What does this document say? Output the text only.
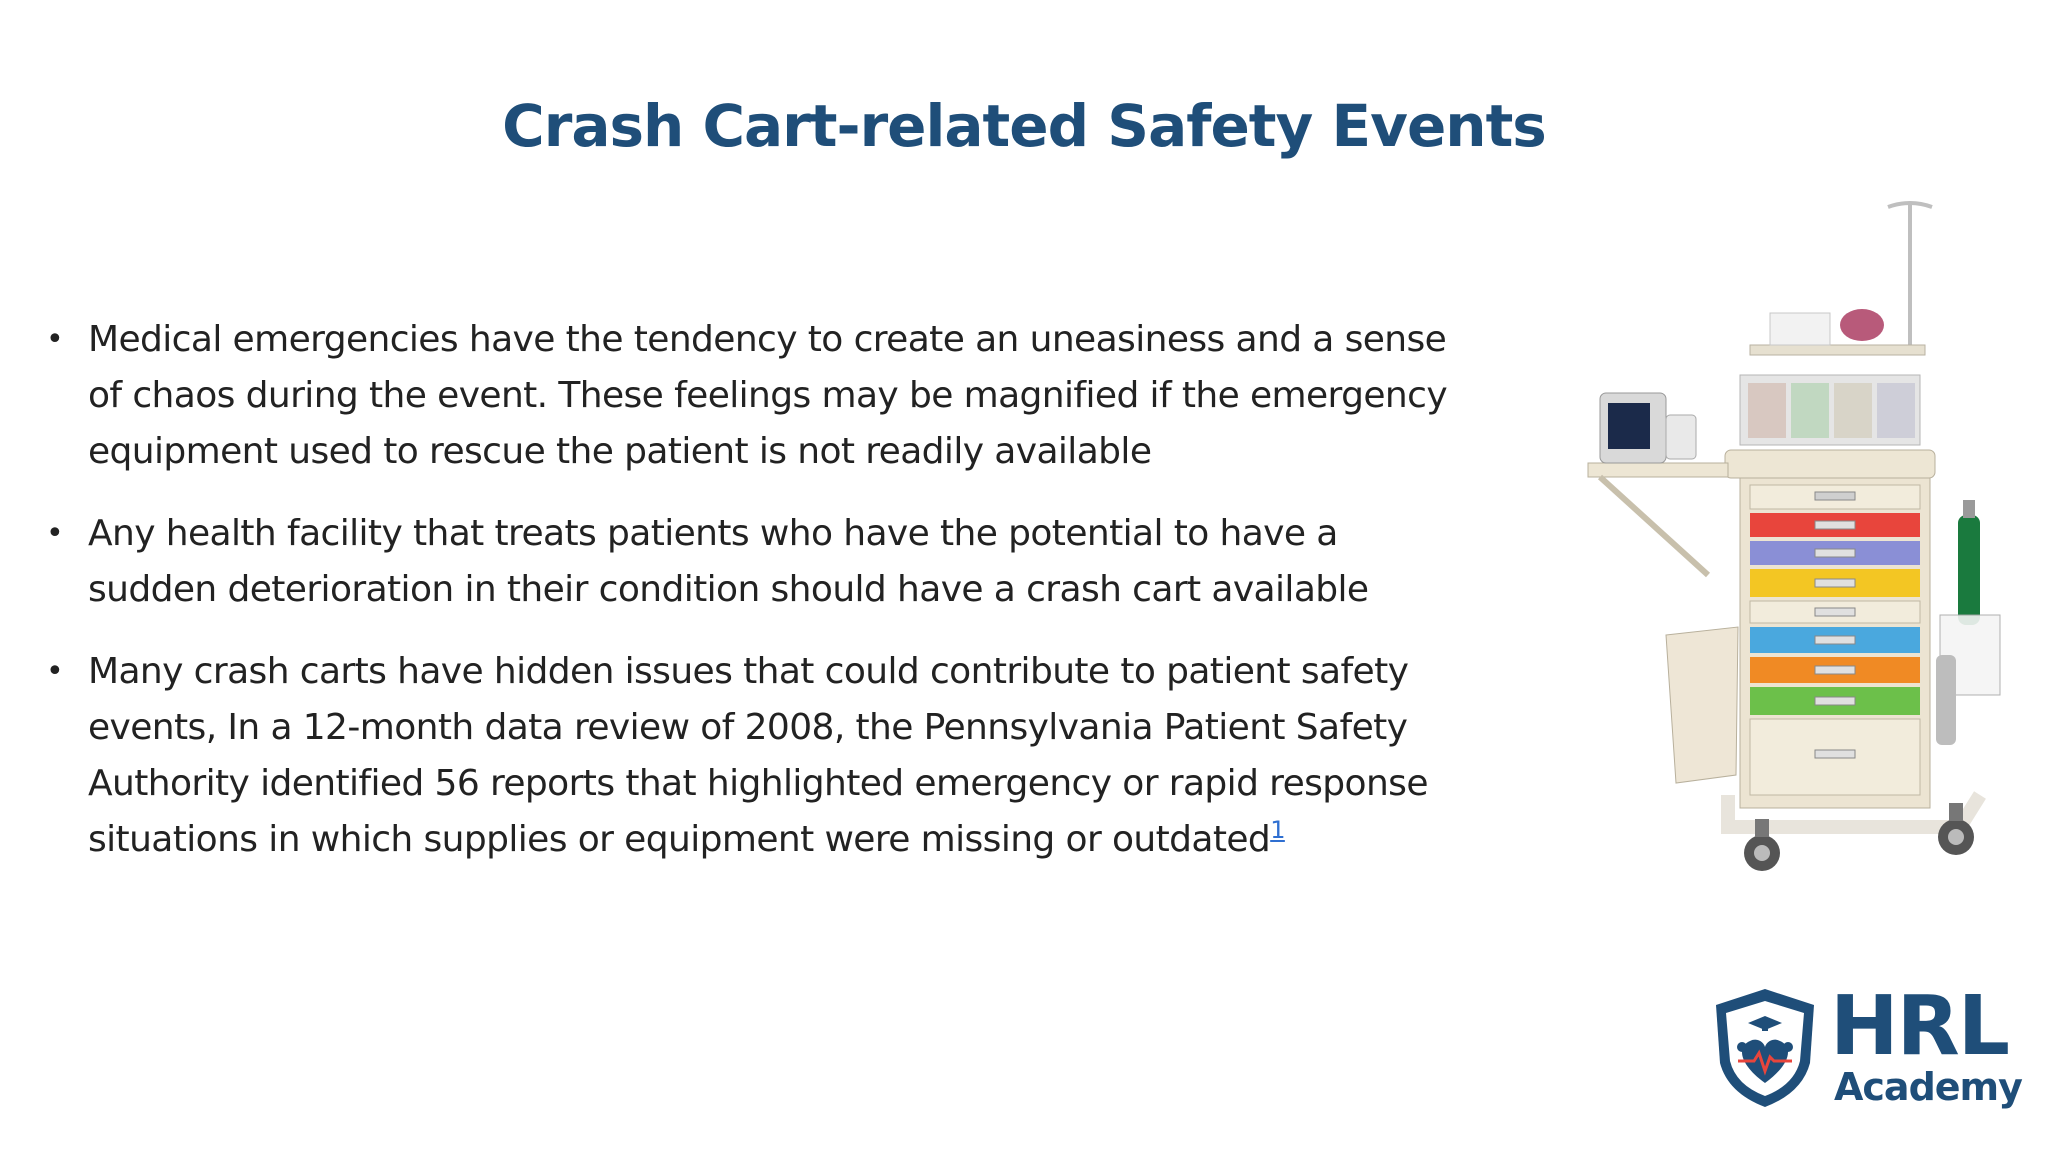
Crash Cart-related Safety Events
• Medical emergencies have the tendency to create an uneasiness and a sense of chaos during the event. These feelings may be magnified if the emergency equipment used to rescue the patient is not readily available
• Any health facility that treats patients who have the potential to have a sudden deterioration in their condition should have a crash cart available
• Many crash carts have hidden issues that could contribute to patient safety events, In a 12-month data review of 2008, the Pennsylvania Patient Safety Authority identified 56 reports that highlighted emergency or rapid response situations in which supplies or equipment were missing or outdated$^1$
HRL
Academy
